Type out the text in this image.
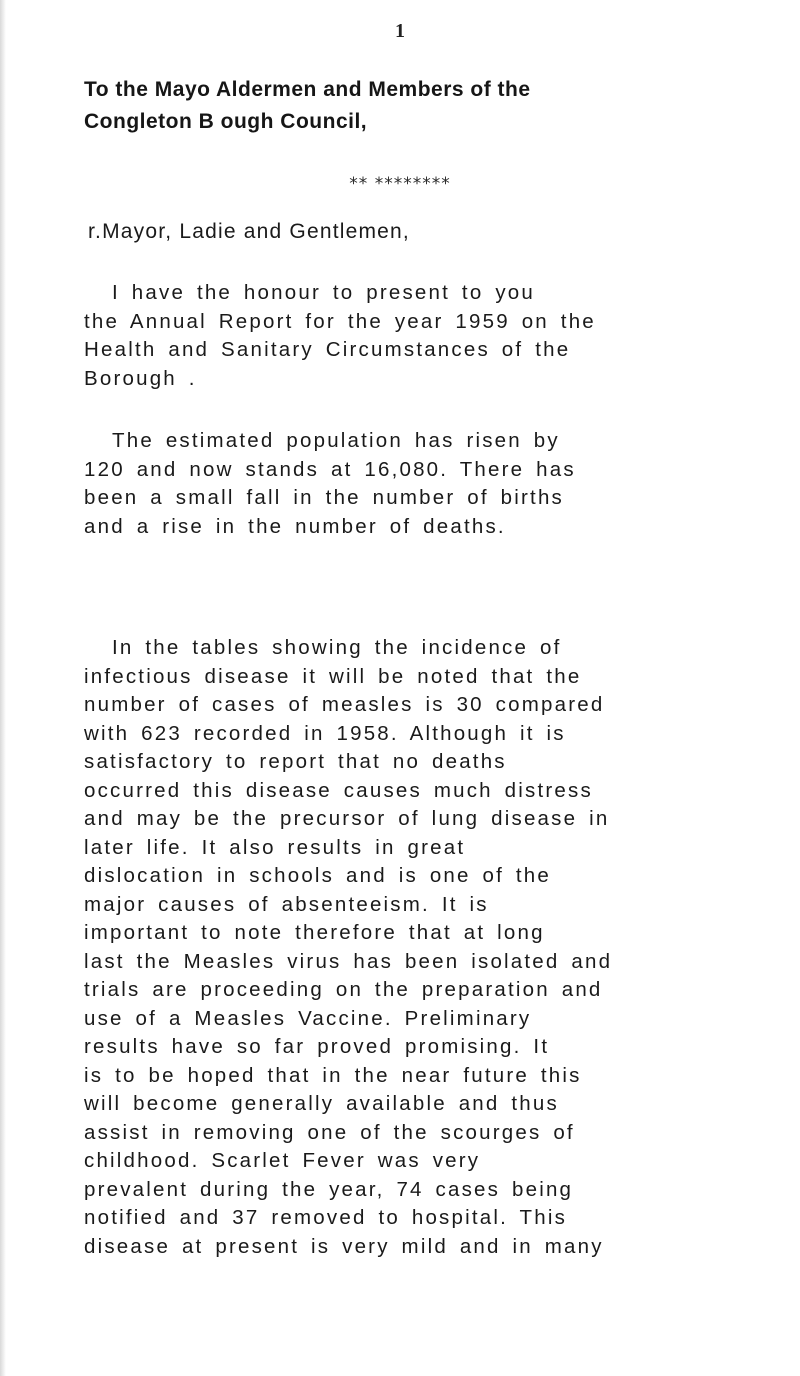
1
To the Mayo Aldermen and Members of the
Congleton B ough Council,
** ********
r.Mayor, Ladie and Gentlemen,
I have the honour to present to you
the Annual Report for the year 1959 on the
Health and Sanitary Circumstances of the
Borough .
The estimated population has risen by
120 and now stands at 16,080. There has
been a small fall in the number of births
and a rise in the number of deaths.
In the tables showing the incidence of
infectious disease it will be noted that the
number of cases of measles is 30 compared
with 623 recorded in 1958. Although it is
satisfactory to report that no deaths
occurred this disease causes much distress
and may be the precursor of lung disease in
later life. It also results in great
dislocation in schools and is one of the
major causes of absenteeism. It is
important to note therefore that at long
last the Measles virus has been isolated and
trials are proceeding on the preparation and
use of a Measles Vaccine. Preliminary
results have so far proved promising. It
is to be hoped that in the near future this
will become generally available and thus
assist in removing one of the scourges of
childhood. Scarlet Fever was very
prevalent during the year, 74 cases being
notified and 37 removed to hospital. This
disease at present is very mild and in many
